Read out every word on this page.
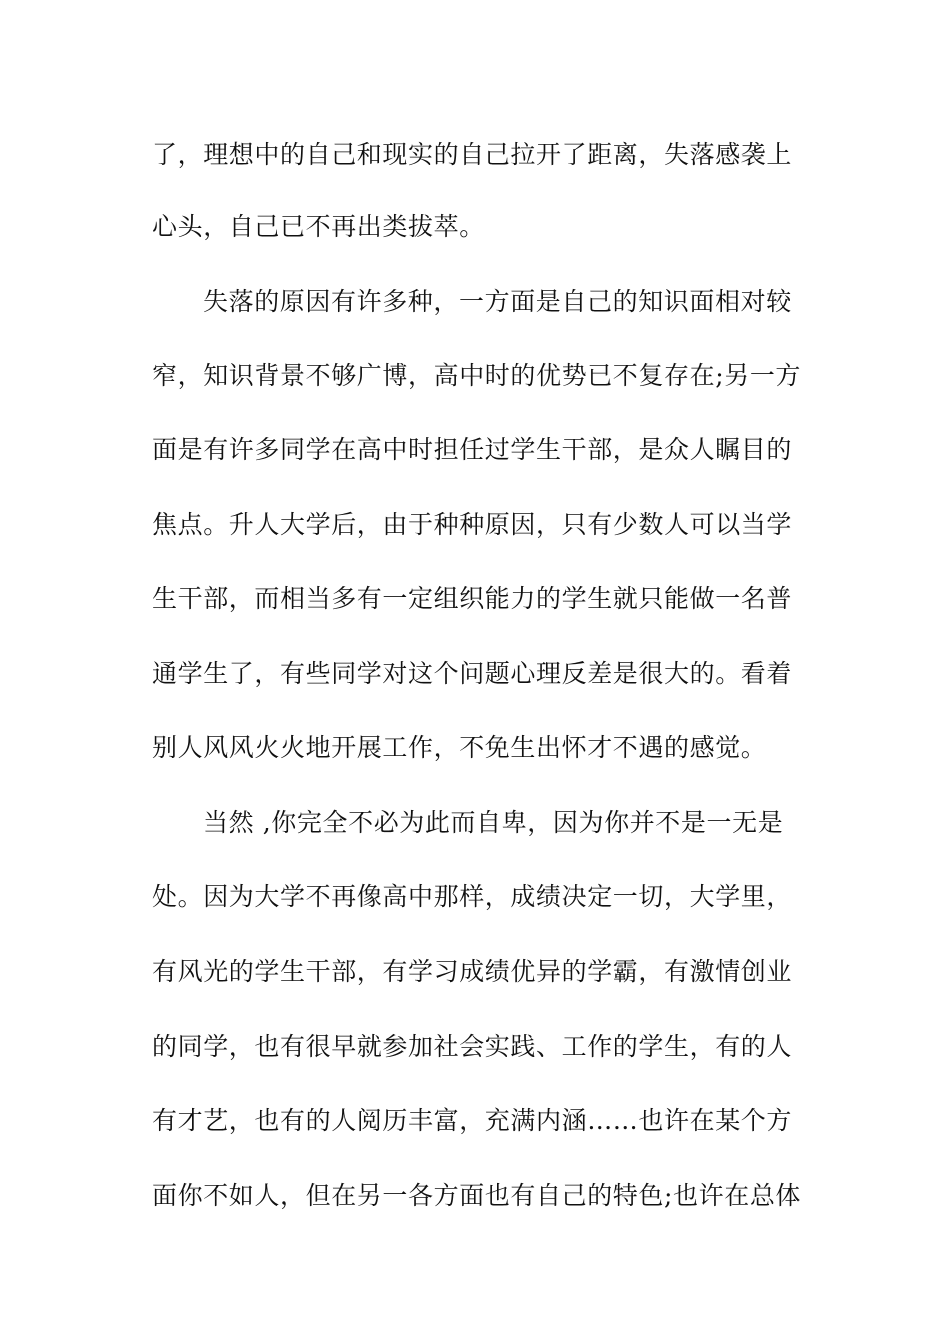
了，理想中的自己和现实的自己拉开了距离，失落感袭上
心头，自己已不再出类拔萃。
失落的原因有许多种，一方面是自己的知识面相对较
窄，知识背景不够广博，高中时的优势已不复存在;另一方
面是有许多同学在高中时担任过学生干部，是众人瞩目的
焦点。升人大学后，由于种种原因，只有少数人可以当学
生干部，而相当多有一定组织能力的学生就只能做一名普
通学生了，有些同学对这个问题心理反差是很大的。看着
别人风风火火地开展工作，不免生出怀才不遇的感觉。
当然 ,你完全不必为此而自卑，因为你并不是一无是
处。因为大学不再像高中那样，成绩决定一切，大学里，
有风光的学生干部，有学习成绩优异的学霸，有激情创业
的同学，也有很早就参加社会实践、工作的学生，有的人
有才艺，也有的人阅历丰富，充满内涵……也许在某个方
面你不如人，但在另一各方面也有自己的特色;也许在总体
